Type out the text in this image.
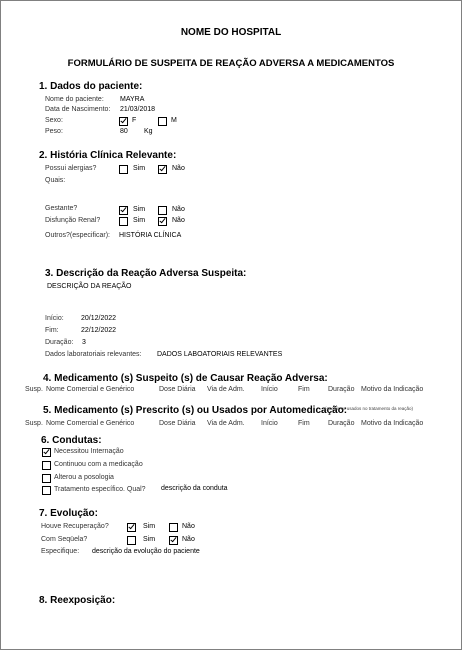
NOME DO HOSPITAL
FORMULÁRIO DE SUSPEITA DE REAÇÃO ADVERSA A MEDICAMENTOS
1. Dados do paciente:
Nome do paciente: MAYRA
Data de Nascimento: 21/03/2018
Sexo:	F	M
Peso:	80 Kg
2. História Clínica Relevante:
Possui alergias?	Sim	Não
Quais:
Gestante?	Sim	Não
Disfunção Renal?	Sim	Não
Outros?(especificar): HISTÓRIA CLÍNICA
3. Descrição da Reação Adversa Suspeita:
DESCRIÇÃO DA REAÇÃO
Início: 20/12/2022
Fim:	22/12/2022
Duração: 3
Dados laboratoriais relevantes: DADOS LABOATORIAIS RELEVANTES
4. Medicamento (s) Suspeito (s) de Causar Reação Adversa:
Susp. Nome Comercial e Genérico	Dose Diária Via de Adm. Início	Fim	Duração Motivo da Indicação
5. Medicamento (s) Prescrito (s) ou Usados por Automedicação:
(excluir os usados no tratamento da reação)
Susp. Nome Comercial e Genérico	Dose Diária Via de Adm. Início	Fim	Duração Motivo da Indicação
6. Condutas:
Necessitou Internação
Continuou com a medicação
Alterou a posologia
Tratamento específico. Qual? descrição da conduta
7. Evolução:
Houve Recuperação?	Sim	Não
Com Seqüela?	Sim	Não
Especifique: descrição da evolução do paciente
8. Reexposição:
